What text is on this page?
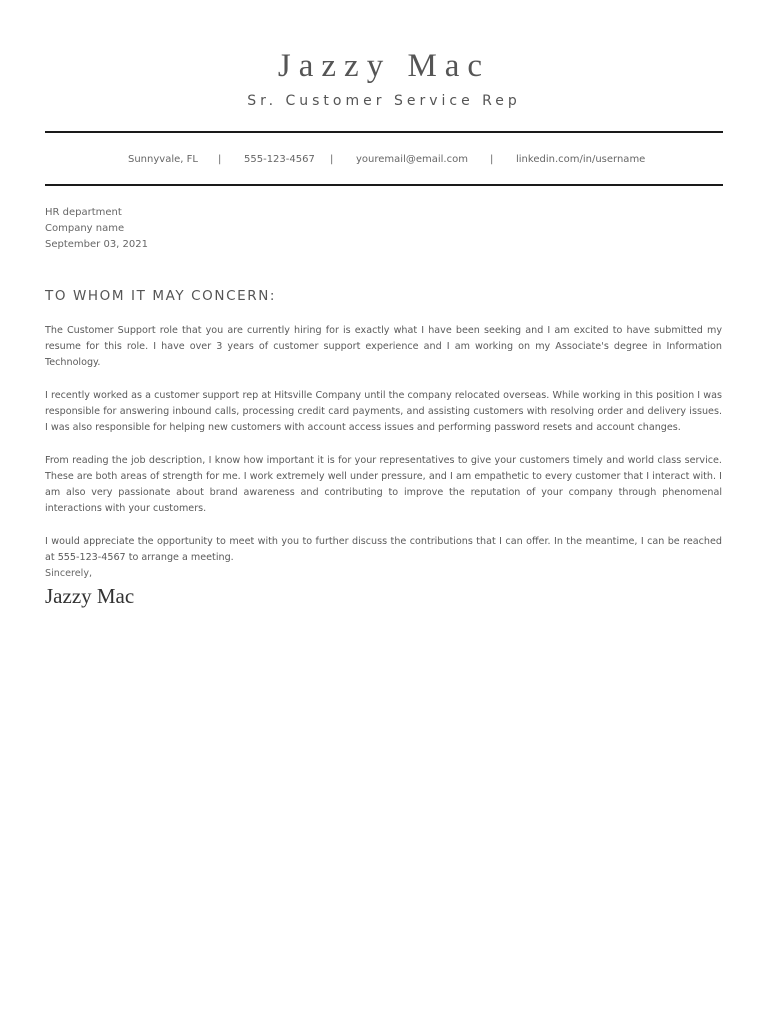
Jazzy Mac
Sr. Customer Service Rep
Sunnyvale, FL | 555-123-4567 | youremail@email.com | linkedin.com/in/username
HR department
Company name
September 03, 2021
TO WHOM IT MAY CONCERN:

The Customer Support role that you are currently hiring for is exactly what I have been seeking and I am excited to have submitted my resume for this role. I have over 3 years of customer support experience and I am working on my Associate's degree in Information Technology.

I recently worked as a customer support rep at Hitsville Company until the company relocated overseas. While working in this position I was responsible for answering inbound calls, processing credit card payments, and assisting customers with resolving order and delivery issues. I was also responsible for helping new customers with account access issues and performing password resets and account changes.

From reading the job description, I know how important it is for your representatives to give your customers timely and world class service. These are both areas of strength for me. I work extremely well under pressure, and I am empathetic to every customer that I interact with. I am also very passionate about brand awareness and contributing to improve the reputation of your company through phenomenal interactions with your customers.

I would appreciate the opportunity to meet with you to further discuss the contributions that I can offer. In the meantime, I can be reached at 555-123-4567 to arrange a meeting.

Sincerely,
Jazzy Mac
